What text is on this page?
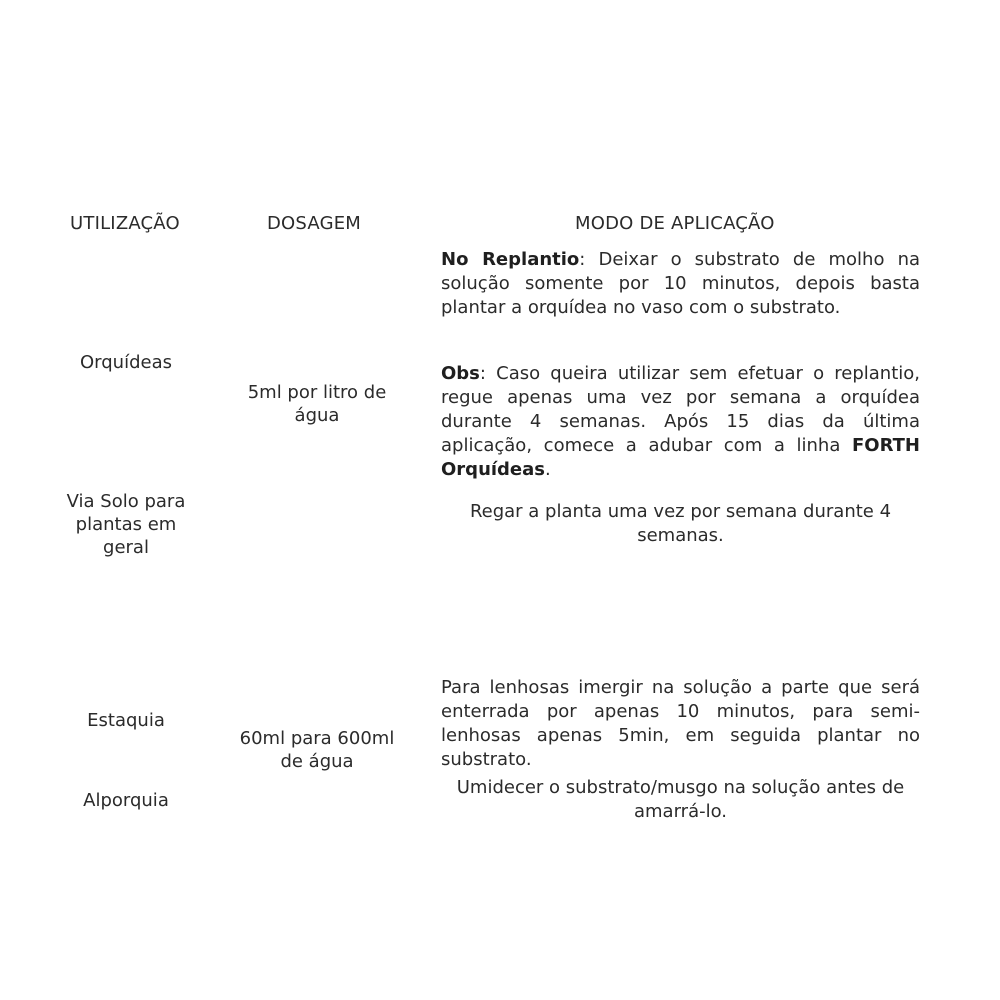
UTILIZAÇÃO	DOSAGEM	MODO DE APLICAÇÃO
Orquídeas
Via Solo para plantas em geral
5ml por litro de água
No Replantio: Deixar o substrato de molho na solução somente por 10 minutos, depois basta plantar a orquídea no vaso com o substrato.
Obs: Caso queira utilizar sem efetuar o replantio, regue apenas uma vez por semana a orquídea durante 4 semanas. Após 15 dias da última aplicação, comece a adubar com a linha FORTH Orquídeas.
Regar a planta uma vez por semana durante 4 semanas.
Estaquia
Alporquia
60ml para 600ml de água
Para lenhosas imergir na solução a parte que será enterrada por apenas 10 minutos, para semi-lenhosas apenas 5min, em seguida plantar no substrato.
Umidecer o substrato/musgo na solução antes de amarrá-lo.
